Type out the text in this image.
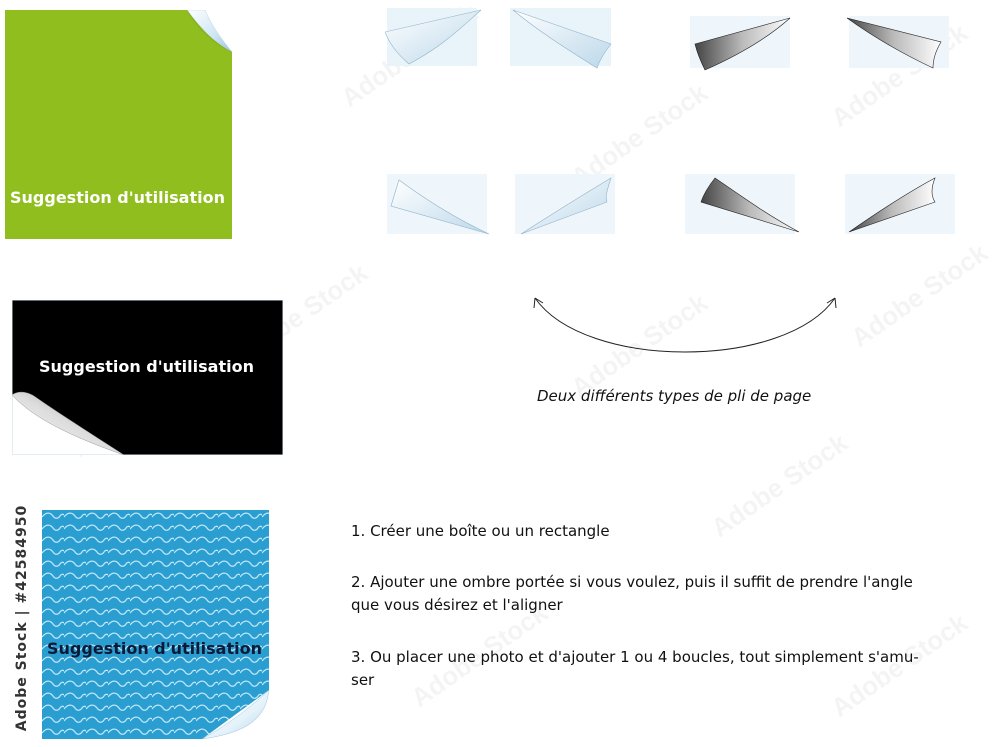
Adobe Stock | #42584950
Suggestion d'utilisation
Suggestion d'utilisation
Suggestion d'utilisation
Deux différents types de pli de page
1. Créer une boîte ou un rectangle
2. Ajouter une ombre portée si vous voulez, puis il suffit de prendre l'angle
que vous désirez et l'aligner
3. Ou placer une photo et d'ajouter 1 ou 4 boucles, tout simplement s'amu-
ser
